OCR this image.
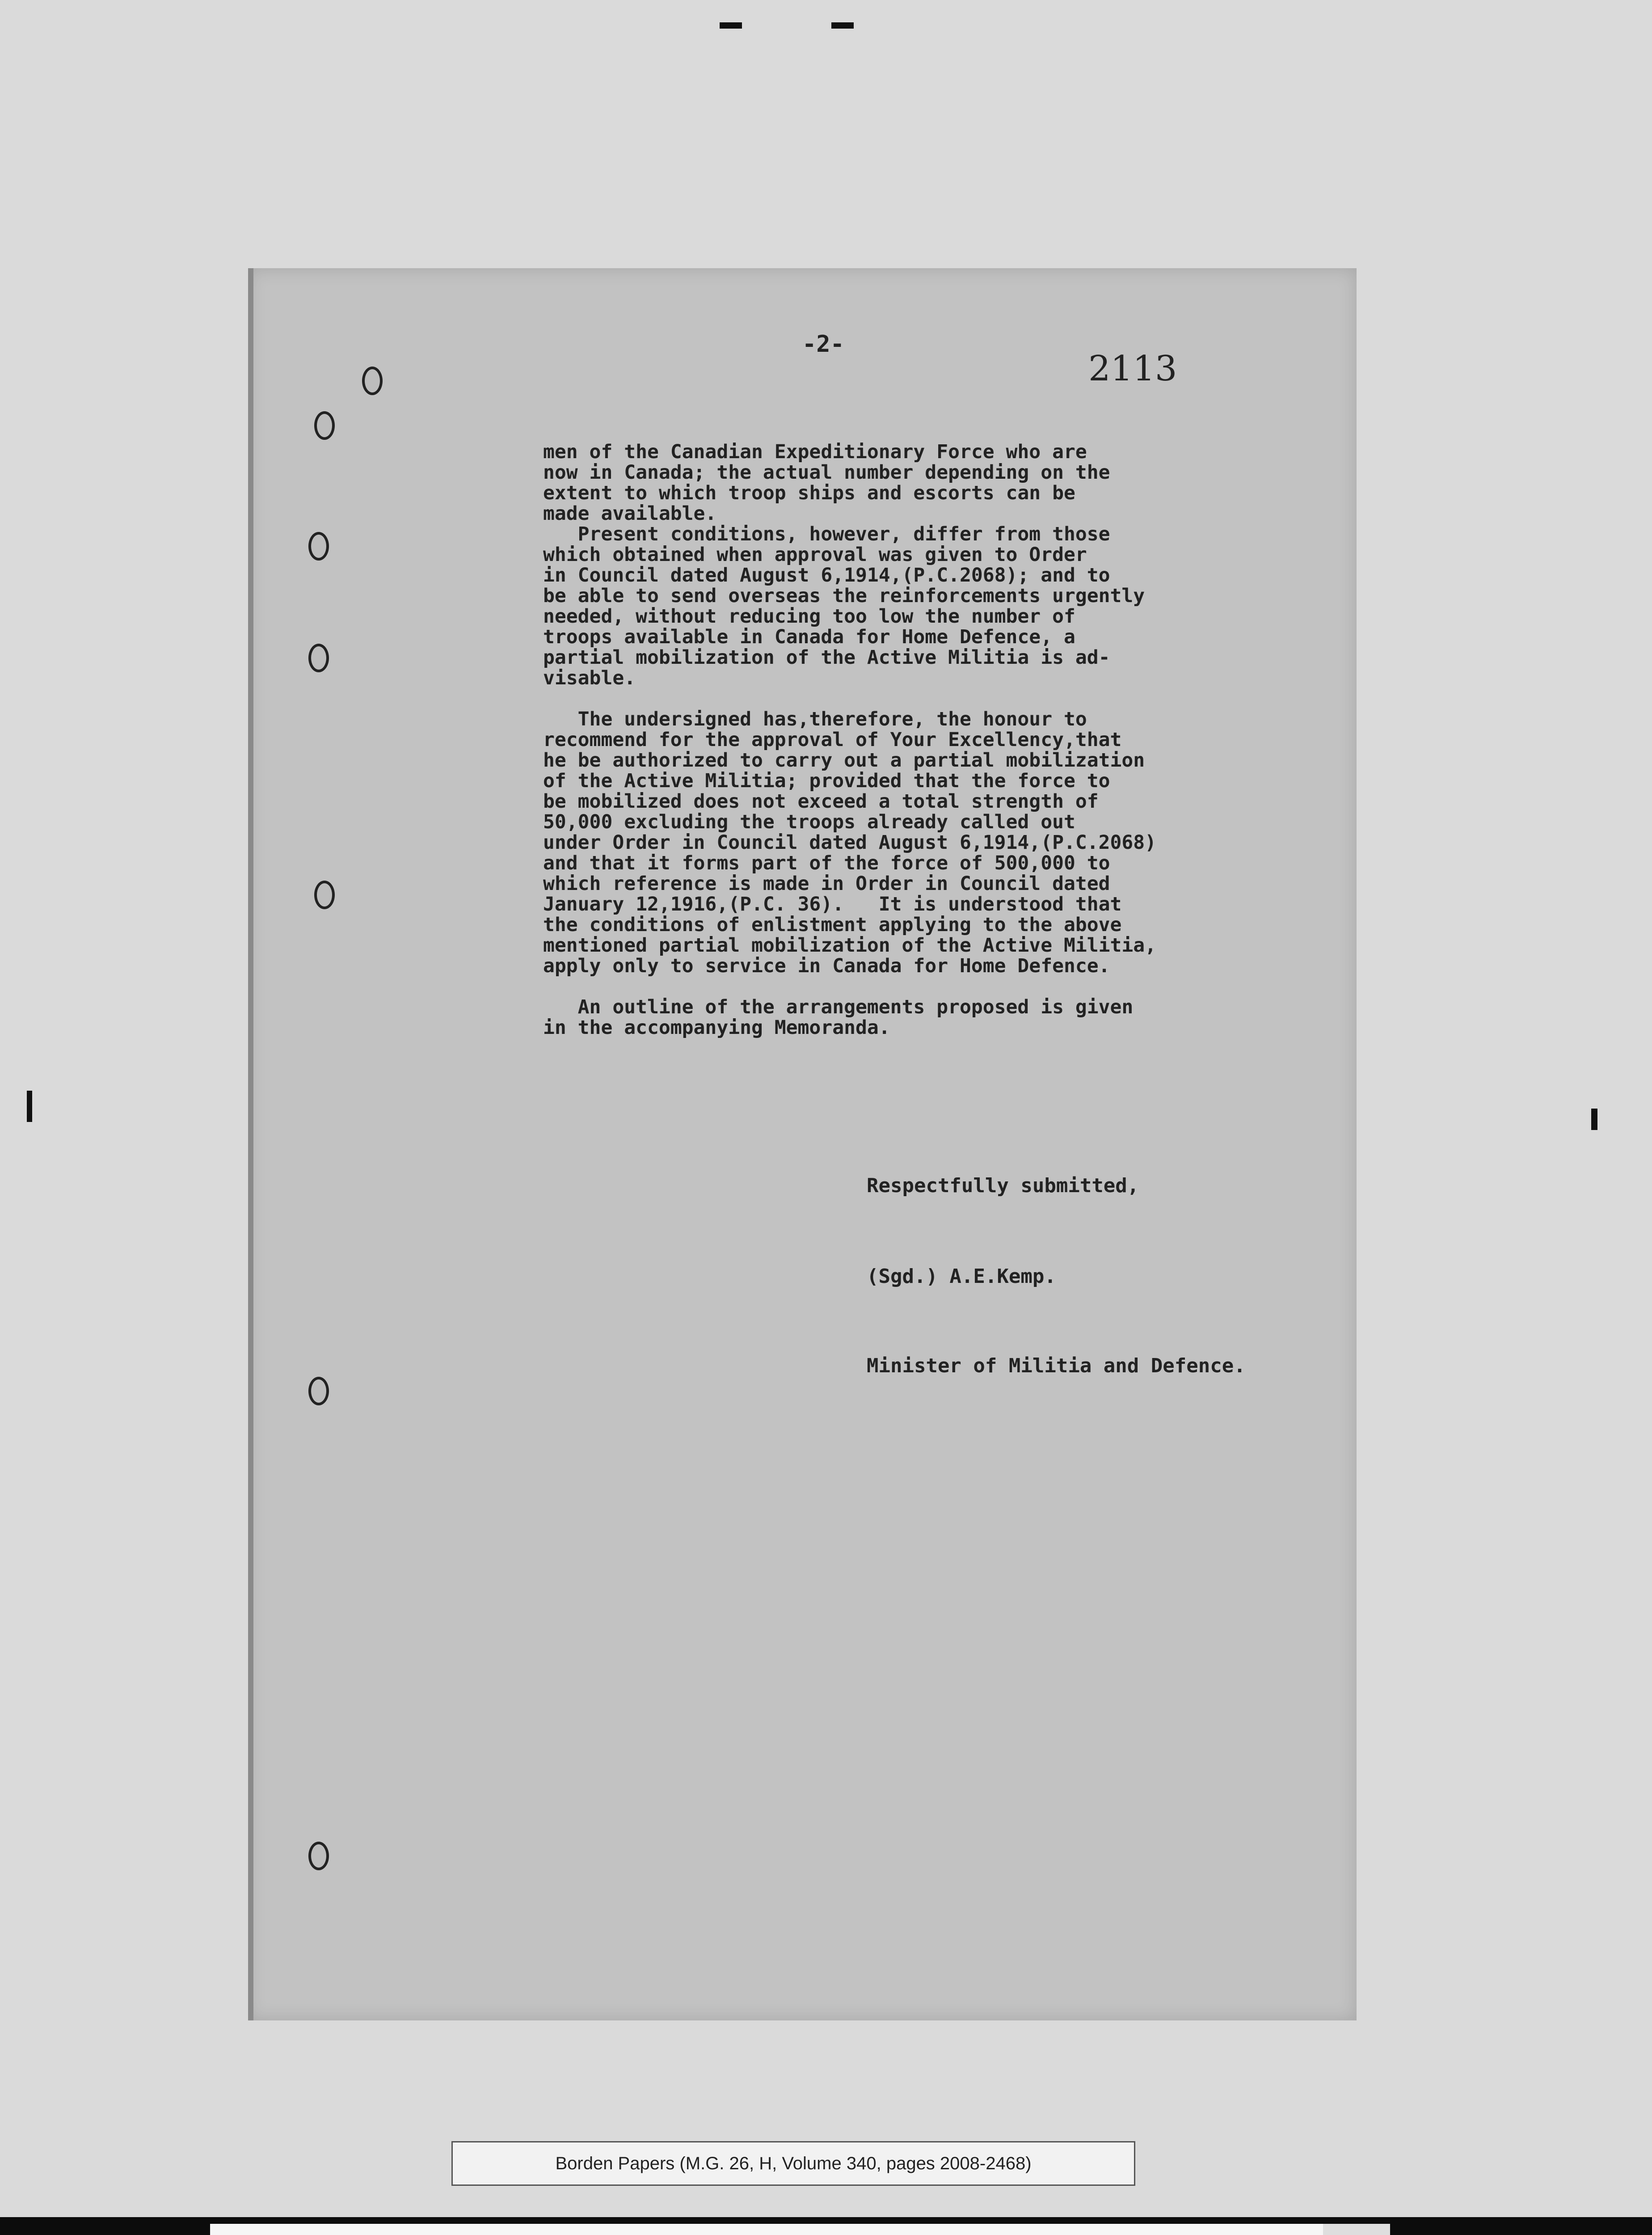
-2-
2113
men of the Canadian Expeditionary Force who are
now in Canada; the actual number depending on the
extent to which troop ships and escorts can be
made available.
Present conditions, however, differ from those
which obtained when approval was given to Order
in Council dated August 6,1914,(P.C.2068); and to
be able to send overseas the reinforcements urgently
needed, without reducing too low the number of
troops available in Canada for Home Defence, a
partial mobilization of the Active Militia is ad-
visable.
The undersigned has,therefore, the honour to
recommend for the approval of Your Excellency,that
he be authorized to carry out a partial mobilization
of the Active Militia; provided that the force to
be mobilized does not exceed a total strength of
50,000 excluding the troops already called out
under Order in Council dated August 6,1914,(P.C.2068)
and that it forms part of the force of 500,000 to
which reference is made in Order in Council dated
January 12,1916,(P.C. 36).   It is understood that
the conditions of enlistment applying to the above
mentioned partial mobilization of the Active Militia,
apply only to service in Canada for Home Defence.
An outline of the arrangements proposed is given
in the accompanying Memoranda.
Respectfully submitted,
(Sgd.) A.E.Kemp.
Minister of Militia and Defence.
Borden Papers (M.G. 26, H, Volume 340, pages 2008-2468)
